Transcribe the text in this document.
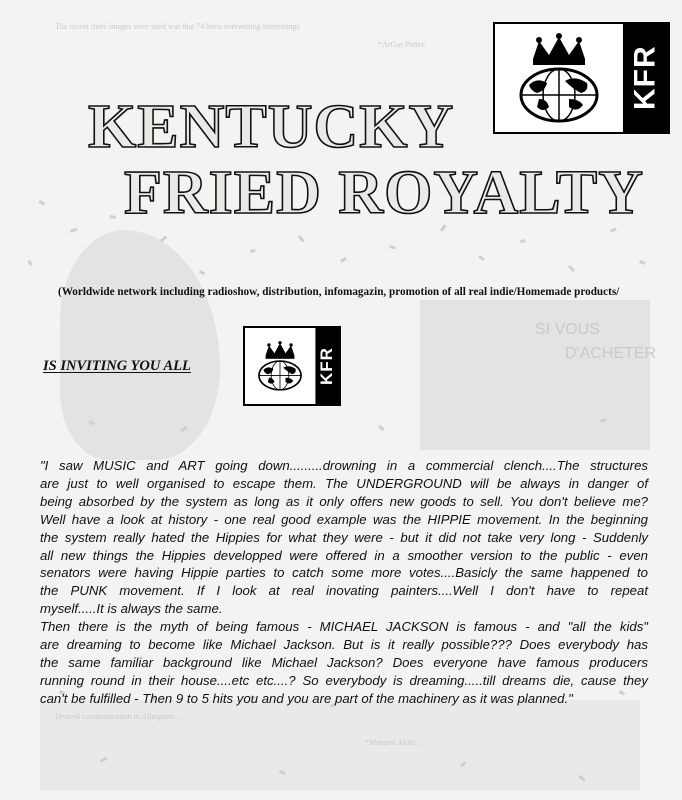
The recent three images were used was that 74 been overwriting interestings
*ArGur Potter:
SI VOUS
D'ACHETER
Desired communication in Allesgerer...
*Manami Akita:
KFR
KENTUCKY
FRIED ROYALTY

(Worldwide network including radioshow, distribution, infomagazin, promotion of all real indie/Homemade products/

IS INVITING YOU ALL	KFR
"I saw MUSIC and ART going down.........drowning in a commercial clench....The structures
are just to well organised to escape them. The UNDERGROUND will be always in danger of
being absorbed by the system as long as it only offers new goods to sell. You don't believe me?
Well have a look at history - one real good example was the HIPPIE movement. In the beginning
the system really hated the Hippies for what they were - but it did not take very long - Suddenly
all new things the Hippies developped were offered in a smoother version to the public - even
senators were having Hippie parties to catch some more votes....Basicly the same happened to
the PUNK movement. If I look at real inovating painters....Well I don't have to repeat
myself.....It is always the same.
Then there is the myth of being famous - MICHAEL JACKSON is famous - and "all the kids"
are dreaming to become like Michael Jackson. But is it really possible??? Does everybody has
the same familiar background like Michael Jackson? Does everyone have famous producers
running round in their house....etc etc....? So everybody is dreaming.....till dreams die, cause they
can't be fulfilled - Then 9 to 5 hits you and you are part of the machinery as it was planned."
